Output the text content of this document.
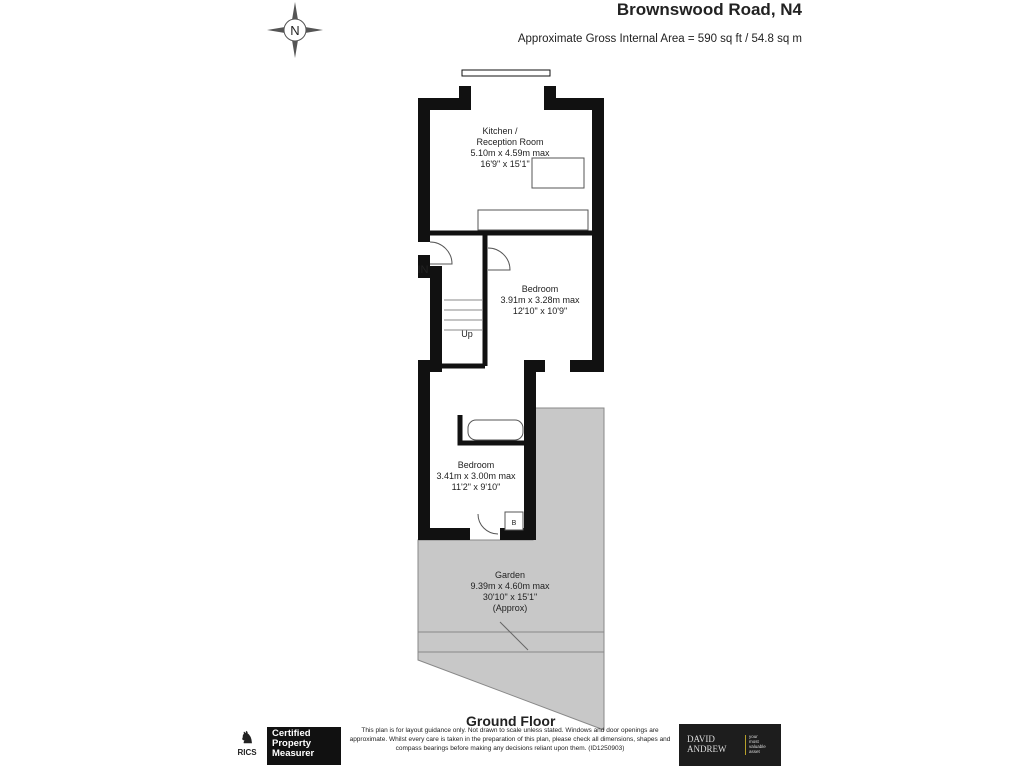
Brownswood Road, N4
Approximate Gross Internal Area = 590 sq ft / 54.8 sq m
N
Kitchen /
Reception Room
5.10m x 4.59m max
16'9" x 15'1"
Bedroom
3.91m x 3.28m max
12'10" x 10'9"
Bedroom
3.41m x 3.00m max
11'2" x 9'10"
Garden
9.39m x 4.60m max
30'10" x 15'1"
(Approx)
IN
Up
B
Ground Floor
♞
RICS
Certified
Property
Measurer
This plan is for layout guidance only. Not drawn to scale unless stated. Windows and door openings are approximate. Whilst every care is taken in the preparation of this plan, please check all dimensions, shapes and compass bearings before making any decisions reliant upon them. (ID1250903)
DAVID
ANDREW
your
most
valuable
asset
